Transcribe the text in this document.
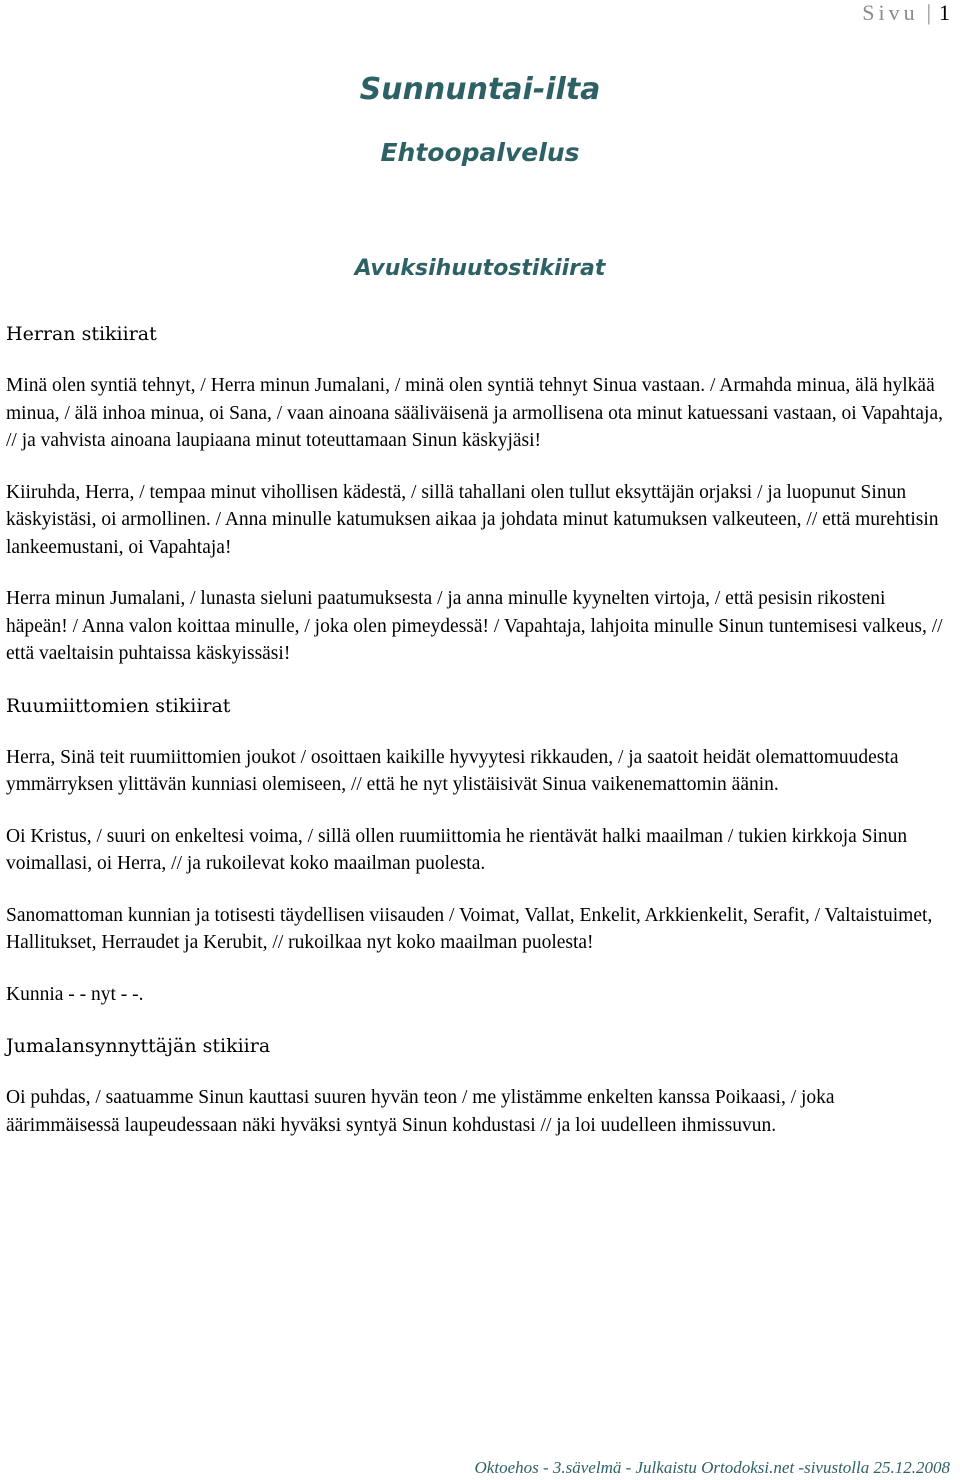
Sivu | 1
Sunnuntai-ilta
Ehtoopalvelus
Avuksihuutostikiirat
Herran stikiirat

Minä olen syntiä tehnyt, / Herra minun Jumalani, / minä olen syntiä tehnyt Sinua vastaan. / Armahda minua, älä hylkää minua, / älä inhoa minua, oi Sana, / vaan ainoana sääliväisenä ja armollisena ota minut katuessani vastaan, oi Vapahtaja, // ja vahvista ainoana laupiaana minut toteuttamaan Sinun käskyjäsi!

Kiiruhda, Herra, / tempaa minut vihollisen kädestä, / sillä tahallani olen tullut eksyttäjän orjaksi / ja luopunut Sinun käskyistäsi, oi armollinen. / Anna minulle katumuksen aikaa ja johdata minut katumuksen valkeuteen, // että murehtisin lankeemustani, oi Vapahtaja!

Herra minun Jumalani, / lunasta sieluni paatumuksesta / ja anna minulle kyynelten virtoja, / että pesisin rikosteni häpeän! / Anna valon koittaa minulle, / joka olen pimeydessä! / Vapahtaja, lahjoita minulle Sinun tuntemisesi valkeus, // että vaeltaisin puhtaissa käskyissäsi!

Ruumiittomien stikiirat

Herra, Sinä teit ruumiittomien joukot / osoittaen kaikille hyvyytesi rikkauden, / ja saatoit heidät olemattomuudesta ymmärryksen ylittävän kunniasi olemiseen, // että he nyt ylistäisivät Sinua vaikenemattomin äänin.

Oi Kristus, / suuri on enkeltesi voima, / sillä ollen ruumiittomia he rientävät halki maailman / tukien kirkkoja Sinun voimallasi, oi Herra, // ja rukoilevat koko maailman puolesta.

Sanomattoman kunnian ja totisesti täydellisen viisauden / Voimat, Vallat, Enkelit, Arkkienkelit, Serafit, / Valtaistuimet, Hallitukset, Herraudet ja Kerubit, // rukoilkaa nyt koko maailman puolesta!

Kunnia - - nyt - -.

Jumalansynnyttäjän stikiira

Oi puhdas, / saatuamme Sinun kauttasi suuren hyvän teon / me ylistämme enkelten kanssa Poikaasi, / joka äärimmäisessä laupeudessaan näki hyväksi syntyä Sinun kohdustasi // ja loi uudelleen ihmissuvun.

Oktoehos - 3.sävelmä - Julkaistu Ortodoksi.net -sivustolla 25.12.2008
